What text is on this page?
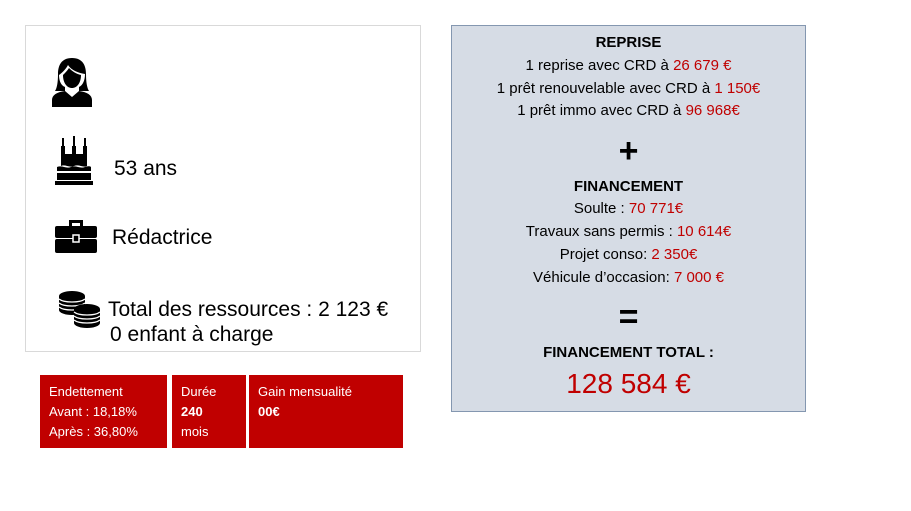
53 ans
Rédactrice
Total des ressources : 2 123 €
0 enfant à charge
Endettement
Avant : 18,18%
Après : 36,80%
Durée
240
mois
Gain mensualité
00€
REPRISE
1 reprise avec CRD à 26 679 €
1 prêt renouvelable avec CRD à 1 150€
1 prêt immo avec CRD à 96 968€
+
FINANCEMENT
Soulte : 70 771€
Travaux sans permis : 10 614€
Projet conso: 2 350€
Véhicule d’occasion: 7 000 €
=
FINANCEMENT TOTAL :
128 584 €
